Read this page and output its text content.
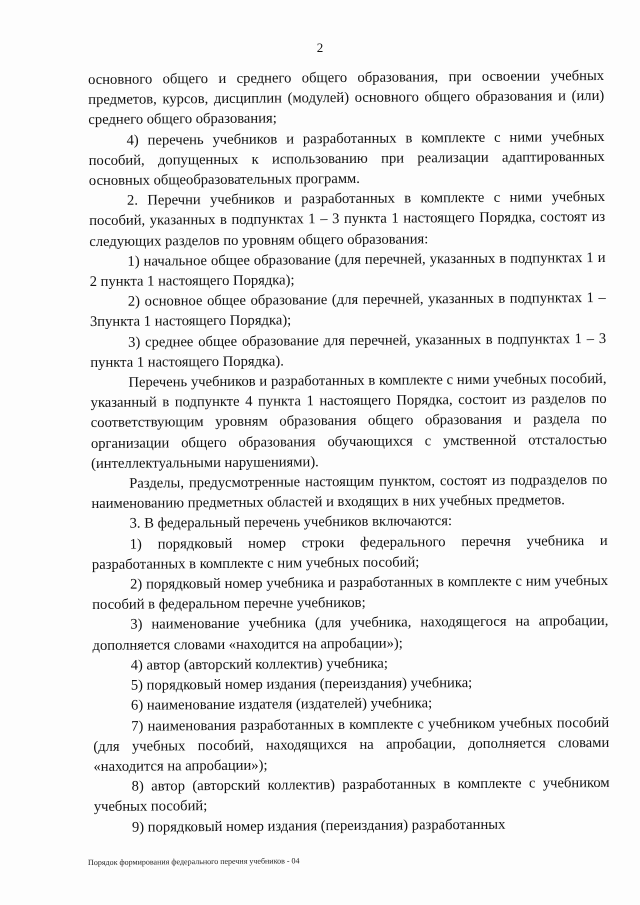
2

основного общего и среднего общего образования, при освоении учебных предметов, курсов, дисциплин (модулей) основного общего образования и (или) среднего общего образования;

4) перечень учебников и разработанных в комплекте с ними учебных пособий, допущенных к использованию при реализации адаптированных основных общеобразовательных программ.

2. Перечни учебников и разработанных в комплекте с ними учебных пособий, указанных в подпунктах 1 – 3 пункта 1 настоящего Порядка, состоят из следующих разделов по уровням общего образования:

1) начальное общее образование (для перечней, указанных в подпунктах 1 и 2 пункта 1 настоящего Порядка);

2) основное общее образование (для перечней, указанных в подпунктах 1 – 3пункта 1 настоящего Порядка);

3) среднее общее образование для перечней, указанных в подпунктах 1 – 3 пункта 1 настоящего Порядка).

Перечень учебников и разработанных в комплекте с ними учебных пособий, указанный в подпункте 4 пункта 1 настоящего Порядка, состоит из разделов по соответствующим уровням образования общего образования и раздела по организации общего образования обучающихся с умственной отсталостью (интеллектуальными нарушениями).

Разделы, предусмотренные настоящим пунктом, состоят из подразделов по наименованию предметных областей и входящих в них учебных предметов.

3. В федеральный перечень учебников включаются:

1) порядковый номер строки федерального перечня учебника и разработанных в комплекте с ним учебных пособий;

2) порядковый номер учебника и разработанных в комплекте с ним учебных пособий в федеральном перечне учебников;

3) наименование учебника (для учебника, находящегося на апробации, дополняется словами «находится на апробации»);

4) автор (авторский коллектив) учебника;

5) порядковый номер издания (переиздания) учебника;

6) наименование издателя (издателей) учебника;

7) наименования разработанных в комплекте с учебником учебных пособий (для учебных пособий, находящихся на апробации, дополняется словами «находится на апробации»);

8) автор (авторский коллектив) разработанных в комплекте с учебником учебных пособий;

9) порядковый номер издания (переиздания) разработанных

Порядок формирования федерального перечня учебников - 04
